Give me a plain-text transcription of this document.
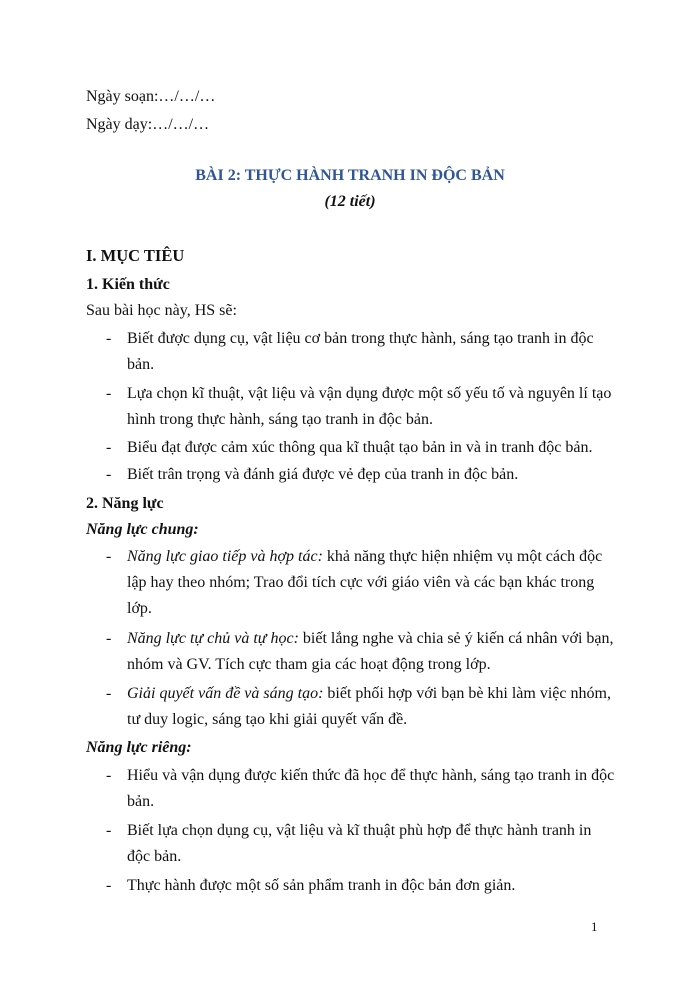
Ngày soạn:…/…/…
Ngày dạy:…/…/…
BÀI 2: THỰC HÀNH TRANH IN ĐỘC BẢN
(12 tiết)
I. MỤC TIÊU
1. Kiến thức
Sau bài học này, HS sẽ:
- Biết được dụng cụ, vật liệu cơ bản trong thực hành, sáng tạo tranh in độc
bản.
- Lựa chọn kĩ thuật, vật liệu và vận dụng được một số yếu tố và nguyên lí tạo
hình trong thực hành, sáng tạo tranh in độc bản.
- Biểu đạt được cảm xúc thông qua kĩ thuật tạo bản in và in tranh độc bản.
- Biết trân trọng và đánh giá được vẻ đẹp của tranh in độc bản.
2. Năng lực
Năng lực chung:
- Năng lực giao tiếp và hợp tác: khả năng thực hiện nhiệm vụ một cách độc
lập hay theo nhóm; Trao đổi tích cực với giáo viên và các bạn khác trong
lớp.
- Năng lực tự chủ và tự học: biết lắng nghe và chia sẻ ý kiến cá nhân với bạn,
nhóm và GV. Tích cực tham gia các hoạt động trong lớp.
- Giải quyết vấn đề và sáng tạo: biết phối hợp với bạn bè khi làm việc nhóm,
tư duy logic, sáng tạo khi giải quyết vấn đề.
Năng lực riêng:
- Hiểu và vận dụng được kiến thức đã học để thực hành, sáng tạo tranh in độc
bản.
- Biết lựa chọn dụng cụ, vật liệu và kĩ thuật phù hợp để thực hành tranh in
độc bản.
- Thực hành được một số sản phẩm tranh in độc bản đơn giản.
1
